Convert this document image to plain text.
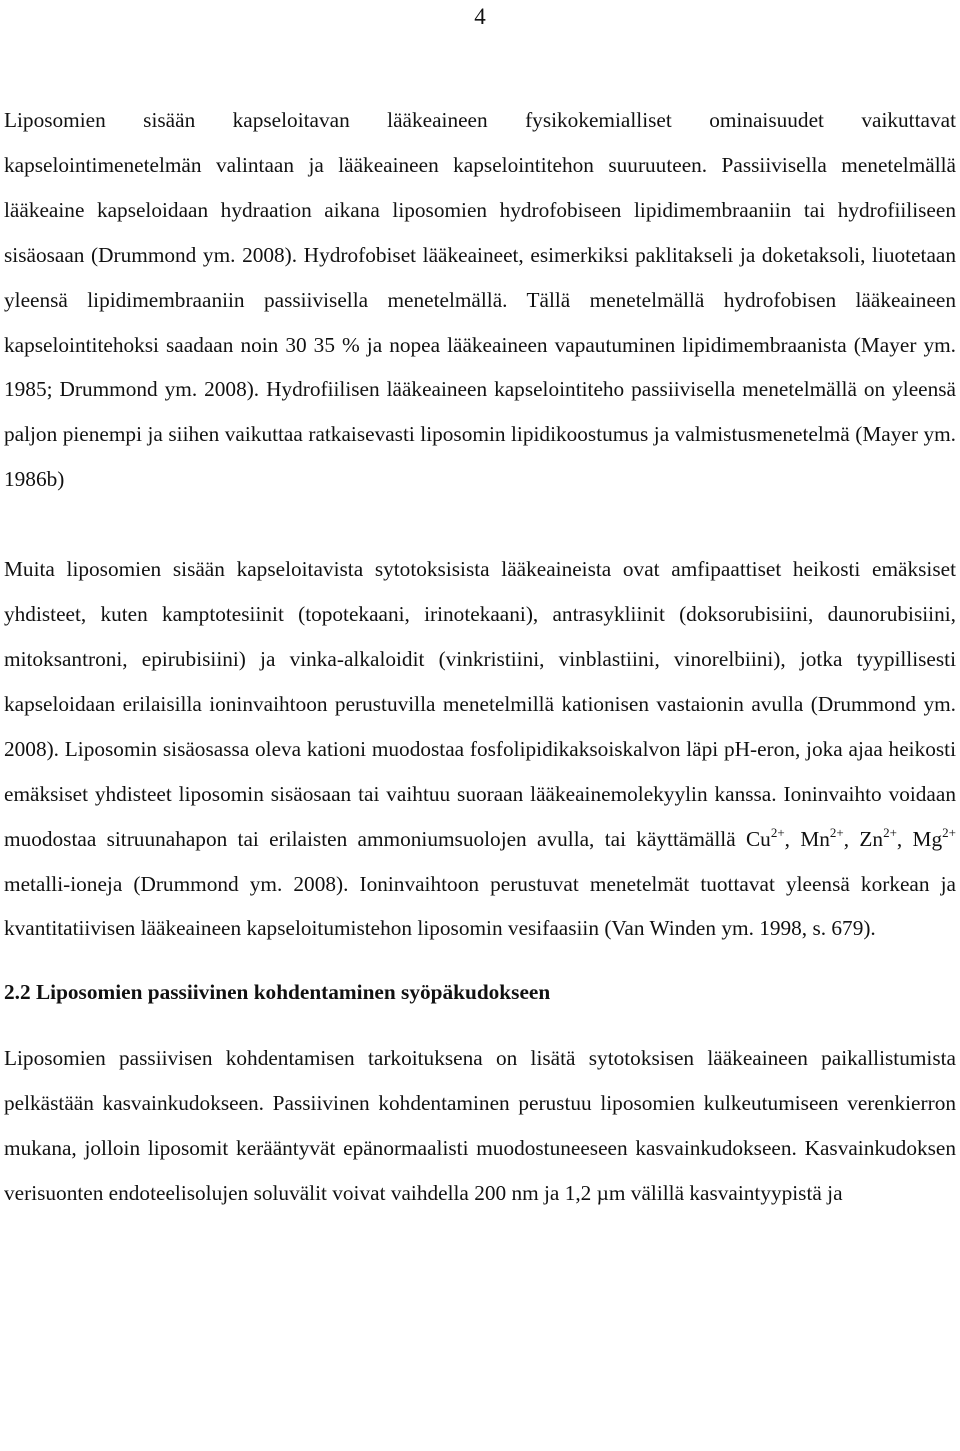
4

Liposomien sisään kapseloitavan lääkeaineen fysikokemialliset ominaisuudet vaikuttavat kapselointimenetelmän valintaan ja lääkeaineen kapselointitehon suuruuteen. Passiivisella menetelmällä lääkeaine kapseloidaan hydraation aikana liposomien hydrofobiseen lipidimembraaniin tai hydrofiiliseen sisäosaan (Drummond ym. 2008). Hydrofobiset lääkeaineet, esimerkiksi paklitakseli ja doketaksoli, liuotetaan yleensä lipidimembraaniin passiivisella menetelmällä. Tällä menetelmällä hydrofobisen lääkeaineen kapselointitehoksi saadaan noin 30 35 % ja nopea lääkeaineen vapautuminen lipidimembraanista (Mayer ym. 1985; Drummond ym. 2008). Hydrofiilisen lääkeaineen kapselointiteho passiivisella menetelmällä on yleensä paljon pienempi ja siihen vaikuttaa ratkaisevasti liposomin lipidikoostumus ja valmistusmenetelmä (Mayer ym. 1986b)

Muita liposomien sisään kapseloitavista sytotoksisista lääkeaineista ovat amfipaattiset heikosti emäksiset yhdisteet, kuten kamptotesiinit (topotekaani, irinotekaani), antrasykliinit (doksorubisiini, daunorubisiini, mitoksantroni, epirubisiini) ja vinka-alkaloidit (vinkristiini, vinblastiini, vinorelbiini), jotka tyypillisesti kapseloidaan erilaisilla ioninvaihtoon perustuvilla menetelmillä kationisen vastaionin avulla (Drummond ym. 2008). Liposomin sisäosassa oleva kationi muodostaa fosfolipidikaksoiskalvon läpi pH-eron, joka ajaa heikosti emäksiset yhdisteet liposomin sisäosaan tai vaihtuu suoraan lääkeainemolekyylin kanssa. Ioninvaihto voidaan muodostaa sitruunahapon tai erilaisten ammoniumsuolojen avulla, tai käyttämällä $Cu^{2+}$, $Mn^{2+}$, $Zn^{2+}$, $Mg^{2+}$ metalli-ioneja (Drummond ym. 2008). Ioninvaihtoon perustuvat menetelmät tuottavat yleensä korkean ja kvantitatiivisen lääkeaineen kapseloitumistehon liposomin vesifaasiin (Van Winden ym. 1998, s. 679).

2.2 Liposomien passiivinen kohdentaminen syöpäkudokseen

Liposomien passiivisen kohdentamisen tarkoituksena on lisätä sytotoksisen lääkeaineen paikallistumista pelkästään kasvainkudokseen. Passiivinen kohdentaminen perustuu liposomien kulkeutumiseen verenkierron mukana, jolloin liposomit kerääntyvät epänormaalisti muodostuneeseen kasvainkudokseen. Kasvainkudoksen verisuonten endoteelisolujen soluvälit voivat vaihdella 200 nm ja 1,2 µm välillä kasvaintyypistä ja
